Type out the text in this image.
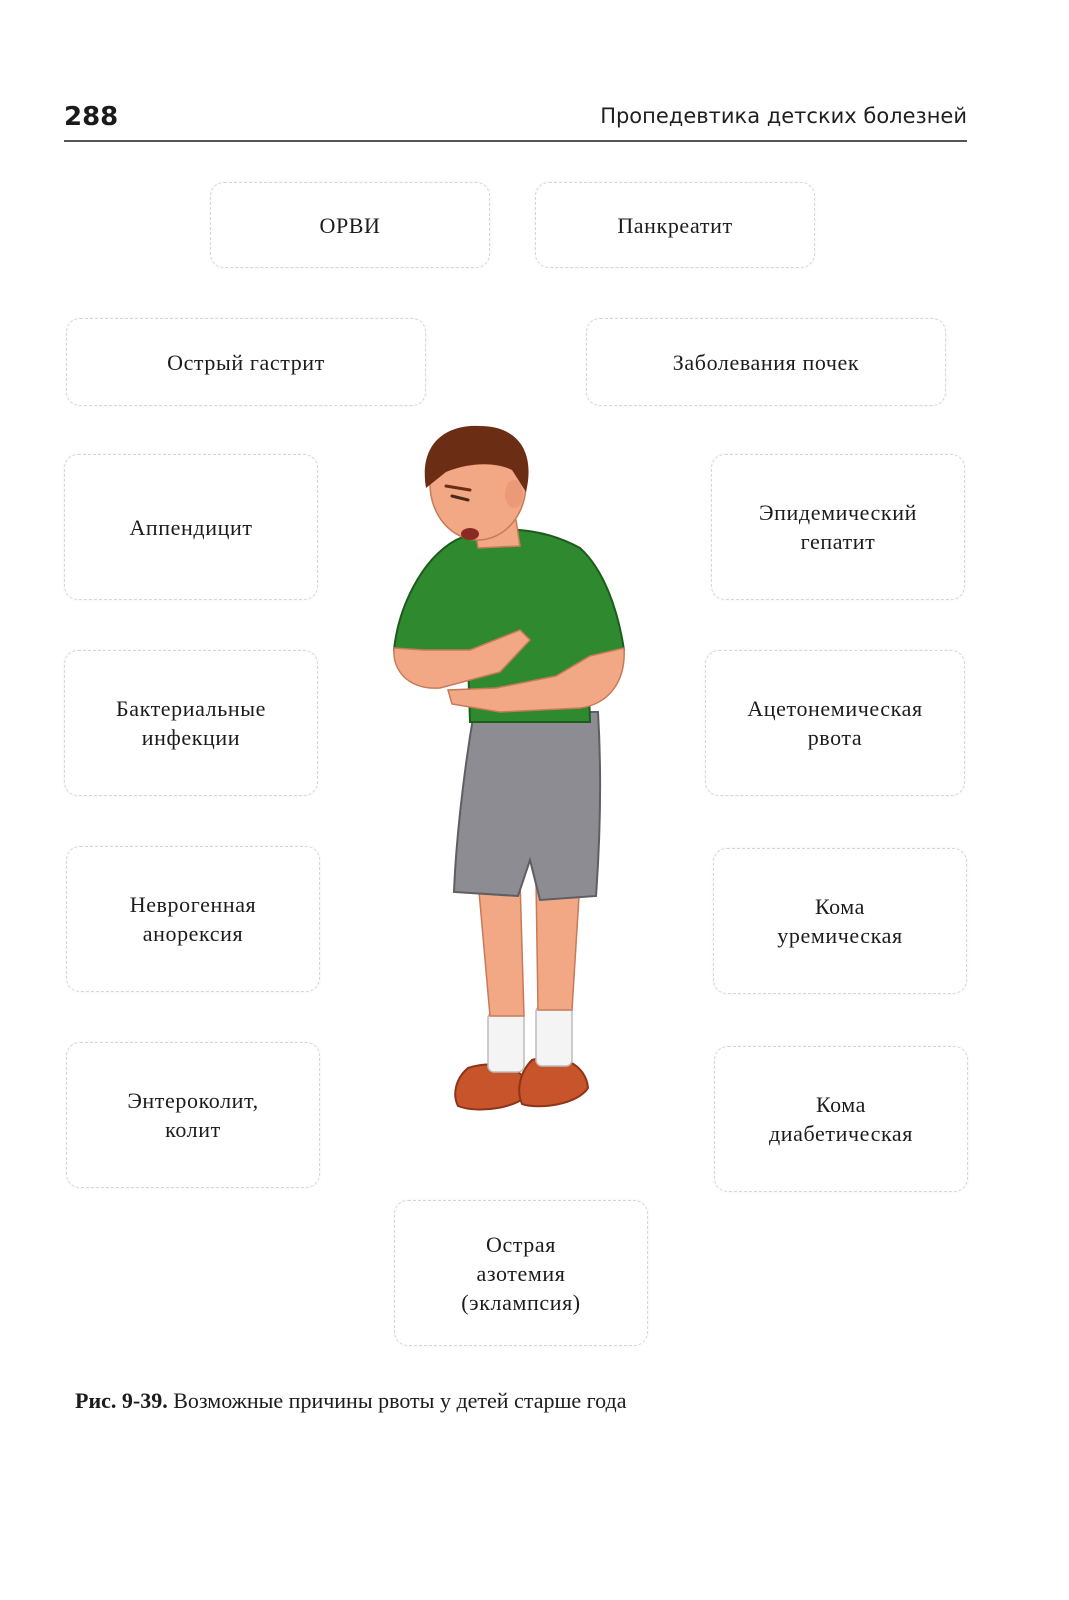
288	Пропедевтика детских болезней
ОРВИ	Панкреатит
Острый гастрит	Заболевания почек
Аппендицит
Эпидемический
гепатит
Бактериальные
инфекции
Ацетонемическая
рвота
Неврогенная
анорексия
Кома
уремическая
Энтероколит,
колит
Кома
диабетическая
Острая
азотемия
(эклампсия)
Рис. 9-39. Возможные причины рвоты у детей старше года
